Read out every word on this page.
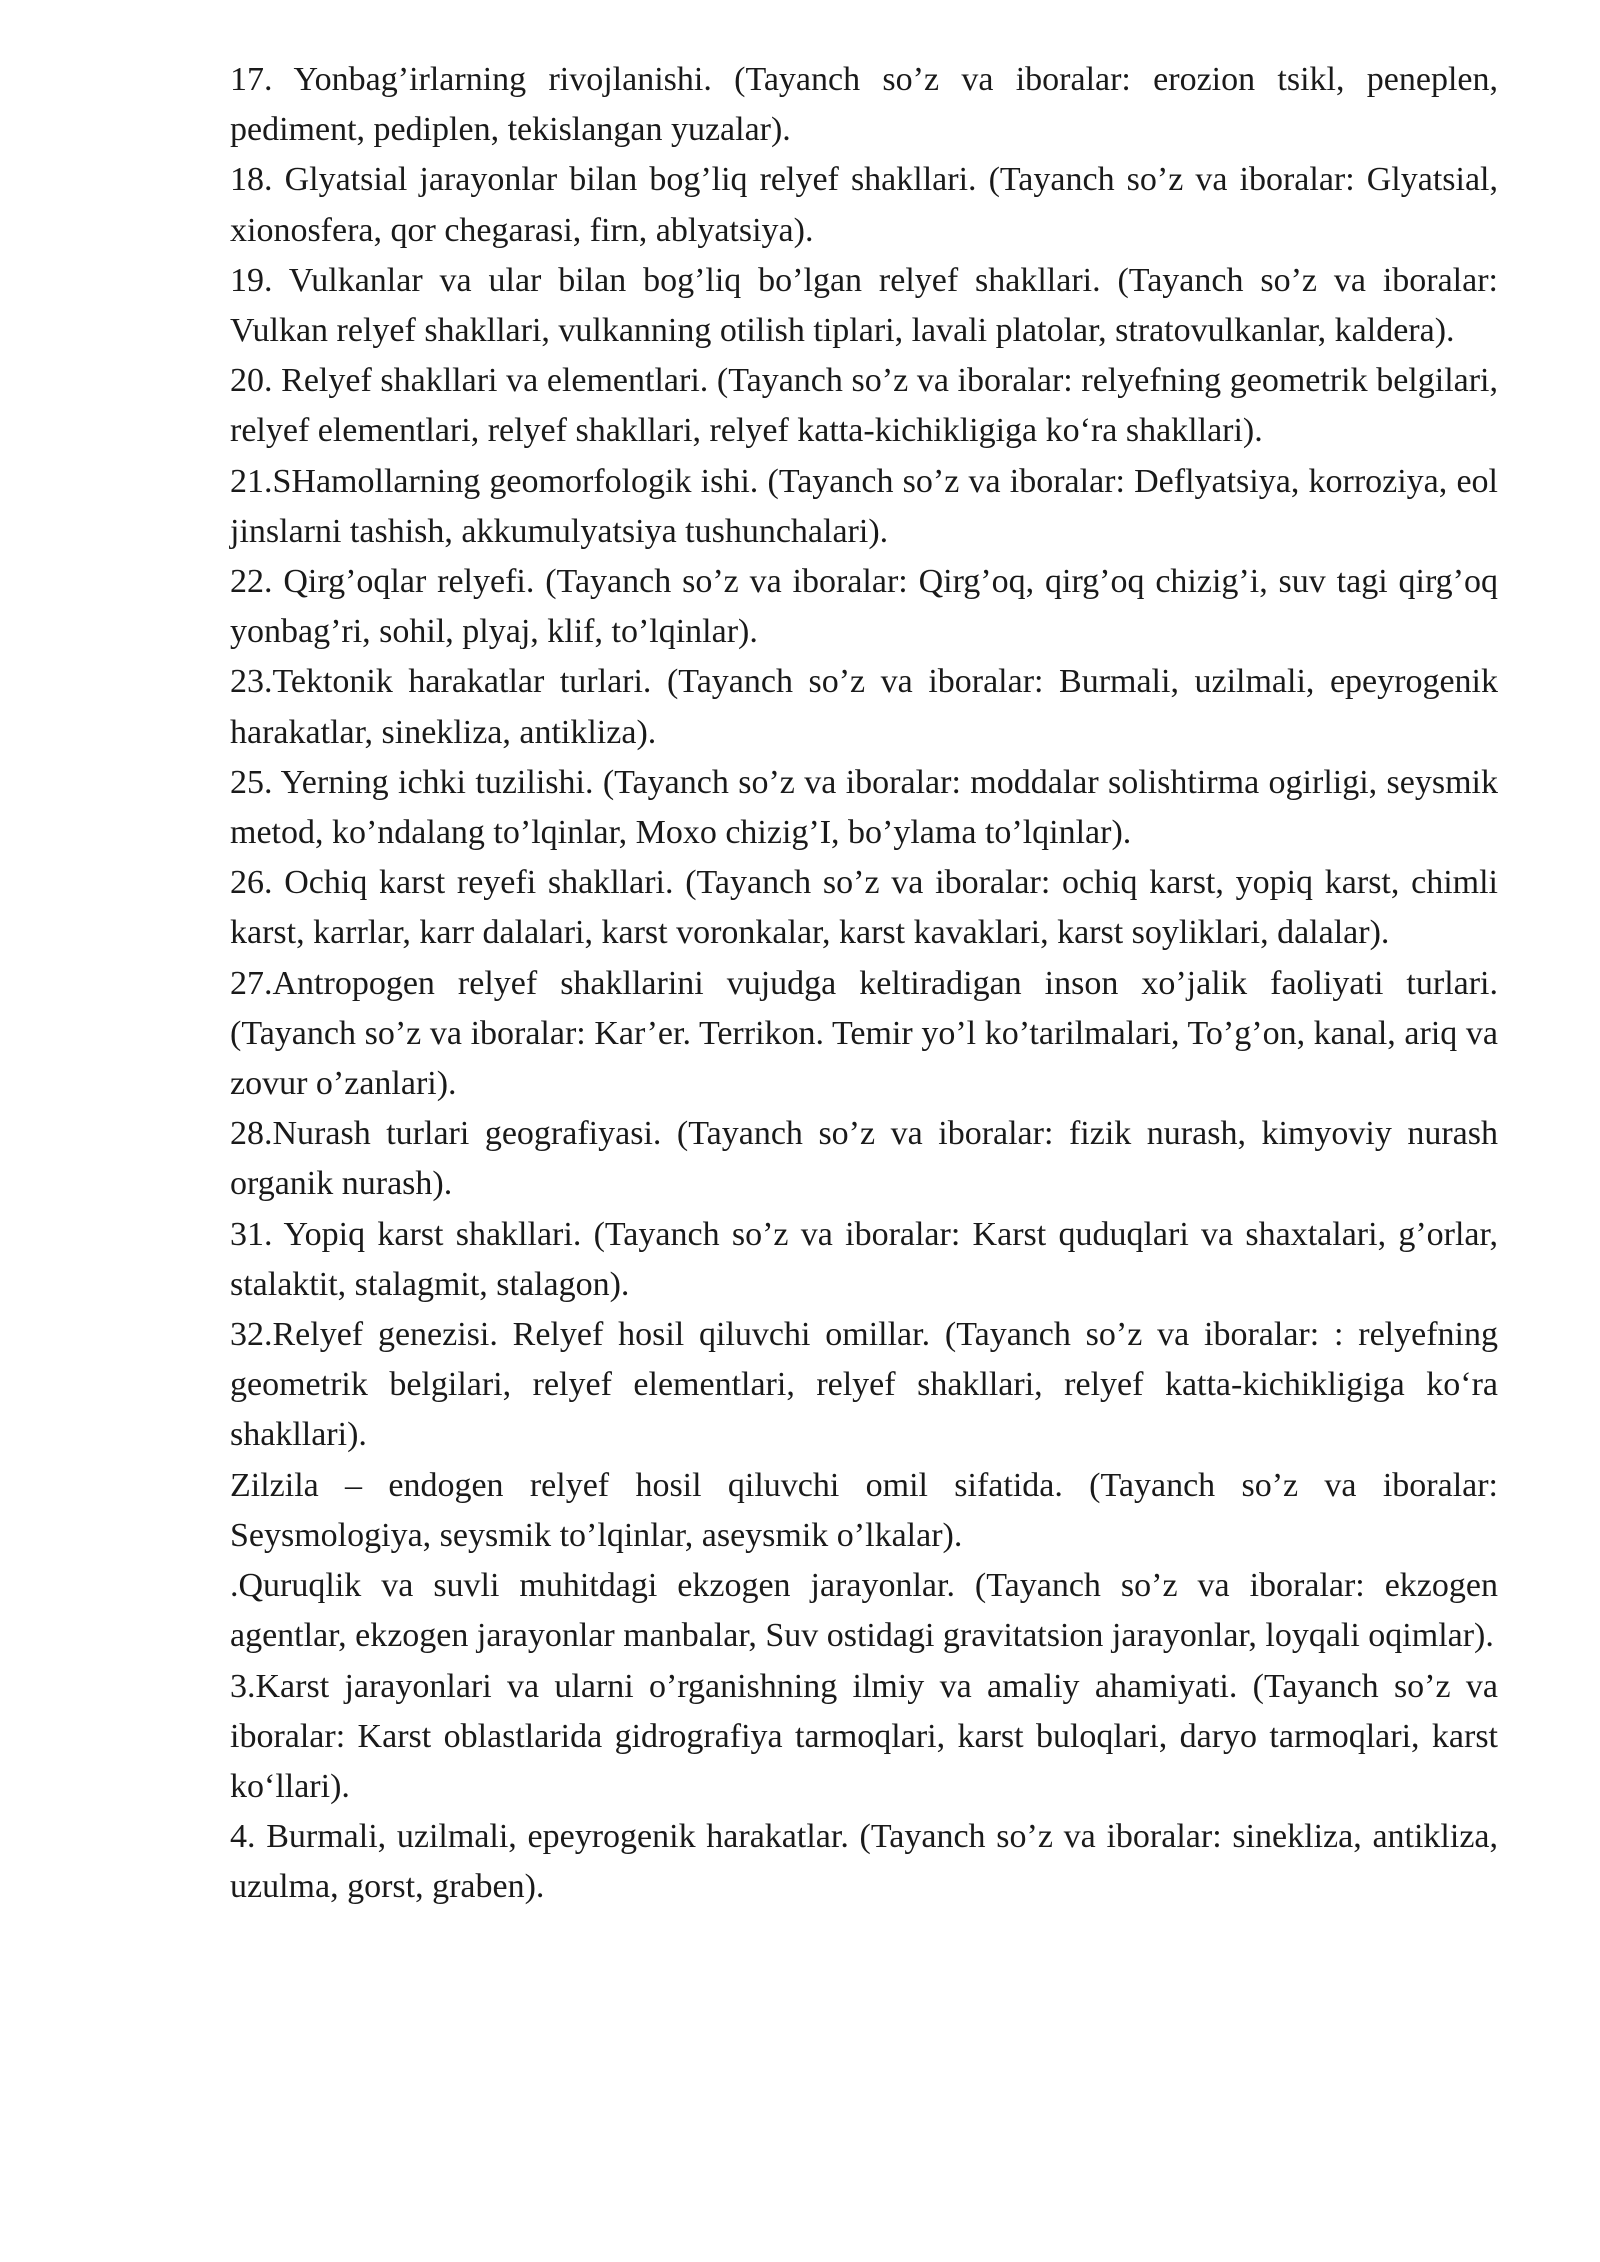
17. Yonbag’irlarning rivojlanishi. (Tayanch so’z va iboralar: erozion tsikl, peneplen, pediment, pediplen, tekislangan yuzalar).

18. Glyatsial jarayonlar bilan bog’liq relyef shakllari. (Tayanch so’z va iboralar: Glyatsial, xionosfera, qor chegarasi, firn, ablyatsiya).

19. Vulkanlar va ular bilan bog’liq bo’lgan relyef shakllari. (Tayanch so’z va iboralar: Vulkan relyef shakllari, vulkanning otilish tiplari, lavali platolar, stratovulkanlar, kaldera).

20. Relyef shakllari va elementlari. (Tayanch so’z va iboralar: relyefning geometrik belgilari, relyef elementlari, relyef shakllari, relyef katta-kichikligiga ko‘ra shakllari).

21.SHamollarning geomorfologik ishi. (Tayanch so’z va iboralar: Deflyatsiya, korroziya, eol jinslarni tashish, akkumulyatsiya tushunchalari).

22. Qirg’oqlar relyefi. (Tayanch so’z va iboralar: Qirg’oq, qirg’oq chizig’i, suv tagi qirg’oq yonbag’ri, sohil, plyaj, klif, to’lqinlar).

23.Tektonik harakatlar turlari. (Tayanch so’z va iboralar: Burmali, uzilmali, epeyrogenik harakatlar, sinekliza, antikliza).

25. Yerning ichki tuzilishi. (Tayanch so’z va iboralar: moddalar solishtirma ogirligi, seysmik metod, ko’ndalang to’lqinlar, Moxo chizig’I, bo’ylama to’lqinlar).

26. Ochiq karst reyefi shakllari. (Tayanch so’z va iboralar: ochiq karst, yopiq karst, chimli karst, karrlar, karr dalalari, karst voronkalar, karst kavaklari, karst soyliklari, dalalar).

27.Antropogen relyef shakllarini vujudga keltiradigan inson xo’jalik faoliyati turlari. (Tayanch so’z va iboralar: Kar’er. Terrikon. Temir yo’l ko’tarilmalari, To’g’on, kanal, ariq va zovur o’zanlari).

28.Nurash turlari geografiyasi. (Tayanch so’z va iboralar: fizik nurash, kimyoviy nurash organik nurash).

31. Yopiq karst shakllari. (Tayanch so’z va iboralar: Karst quduqlari va shaxtalari, g’orlar, stalaktit, stalagmit, stalagon).

32.Relyef genezisi. Relyef hosil qiluvchi omillar. (Tayanch so’z va iboralar: : relyefning geometrik belgilari, relyef elementlari, relyef shakllari, relyef katta-kichikligiga ko‘ra shakllari).

Zilzila – endogen relyef hosil qiluvchi omil sifatida. (Tayanch so’z va iboralar: Seysmologiya, seysmik to’lqinlar, aseysmik o’lkalar).

.Quruqlik va suvli muhitdagi ekzogen jarayonlar. (Tayanch so’z va iboralar: ekzogen agentlar, ekzogen jarayonlar manbalar, Suv ostidagi gravitatsion jarayonlar, loyqali oqimlar).

3.Karst jarayonlari va ularni o’rganishning ilmiy va amaliy ahamiyati. (Tayanch so’z va iboralar: Karst oblastlarida gidrografiya tarmoqlari, karst buloqlari, daryo tarmoqlari, karst ko‘llari).

4. Burmali, uzilmali, epeyrogenik harakatlar. (Tayanch so’z va iboralar: sinekliza, antikliza, uzulma, gorst, graben).
